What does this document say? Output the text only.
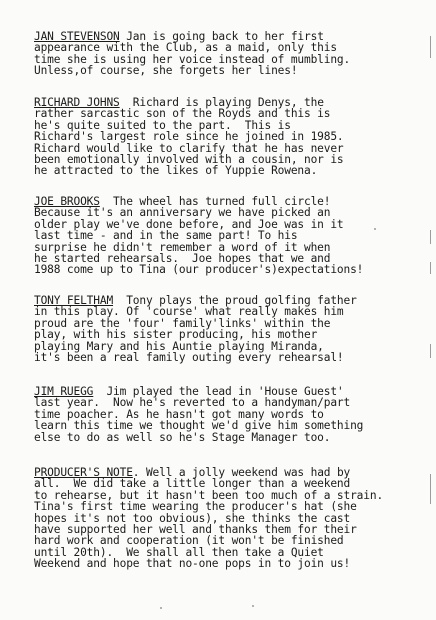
JAN STEVENSON Jan is going back to her first
appearance with the Club, as a maid, only this
time she is using her voice instead of mumbling.
Unless,of course, she forgets her lines!
RICHARD JOHNS  Richard is playing Denys, the
rather sarcastic son of the Royds and this is
he's quite suited to the part.  This is
Richard's largest role since he joined in 1985.
Richard would like to clarify that he has never
been emotionally involved with a cousin, nor is
he attracted to the likes of Yuppie Rowena.
JOE BROOKS  The wheel has turned full circle!
Because it's an anniversary we have picked an
older play we've done before, and Joe was in it
last time - and in the same part! To his
surprise he didn't remember a word of it when
he started rehearsals.  Joe hopes that we and
1988 come up to Tina (our producer's)expectations!
TONY FELTHAM  Tony plays the proud golfing father
in this play. Of 'course' what really makes him
proud are the 'four' family'links' within the
play, with his sister producing, his mother
playing Mary and his Auntie playing Miranda,
it's been a real family outing every rehearsal!
JIM RUEGG  Jim played the lead in 'House Guest'
last year.  Now he's reverted to a handyman/part
time poacher. As he hasn't got many words to
learn this time we thought we'd give him something
else to do as well so he's Stage Manager too.
PRODUCER'S NOTE. Well a jolly weekend was had by
all.  We did take a little longer than a weekend
to rehearse, but it hasn't been too much of a strain.
Tina's first time wearing the producer's hat (she
hopes it's not too obvious), she thinks the cast
have supported her well and thanks them for their
hard work and cooperation (it won't be finished
until 20th).  We shall all then take a Quiet
Weekend and hope that no-one pops in to join us!
